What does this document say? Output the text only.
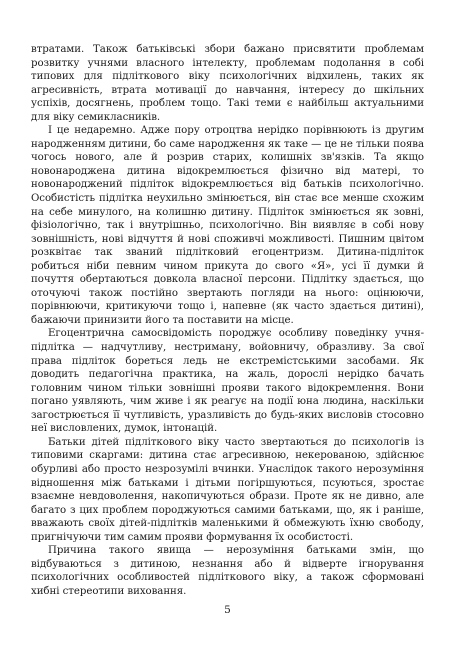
втратами. Також батьківські збори бажано присвятити проблемам розвитку учнями власного інтелекту, проблемам подолання в собі типових для підліткового віку психологічних відхилень, таких як агресивність, втрата мотивації до навчання, інтересу до шкільних успіхів, досягнень, проблем тощо. Такі теми є найбільш актуальними для віку семикласників.

І це недаремно. Адже пору отроцтва нерідко порівнюють із другим народженням дитини, бо саме народження як таке — це не тільки поява чогось нового, але й розрив старих, колишніх зв'язків. Та якщо новонароджена дитина відокремлюється фізично від матері, то новонароджений підліток відокремлюється від батьків психологічно. Особистість підлітка неухильно змінюється, він стає все менше схожим на себе минулого, на колишню дитину. Підліток змінюється як зовні, фізіологічно, так і внутрішньо, психологічно. Він виявляє в собі нову зовнішність, нові відчуття й нові споживчі можливості. Пишним цвітом розквітає так званий підлітковий егоцентризм. Дитина-підліток робиться ніби певним чином прикута до свого «Я», усі її думки й почуття обертаються довкола власної персони. Підлітку здається, що оточуючі також постійно звертають погляди на нього: оцінюючи, порівнюючи, критикуючи тощо і, напевне (як часто здається дитині), бажаючи принизити його та поставити на місце.

Егоцентрична самосвідомість породжує особливу поведінку учня-підлітка — надчутливу, нестриману, войовничу, образливу. За свої права підліток бореться ледь не екстремістськими засобами. Як доводить педагогічна практика, на жаль, дорослі нерідко бачать головним чином тільки зовнішні прояви такого відокремлення. Вони погано уявляють, чим живе і як реагує на події юна людина, наскільки загострюється її чутливість, уразливість до будь-яких висловів стосовно неї висловлених, думок, інтонацій.

Батьки дітей підліткового віку часто звертаються до психологів із типовими скаргами: дитина стає агресивною, некерованою, здійснює обурливі або просто незрозумілі вчинки. Унаслідок такого нерозуміння відношення між батьками і дітьми погіршуються, псуються, зростає взаємне невдоволення, накопичуються образи. Проте як не дивно, але багато з цих проблем породжуються самими батьками, що, як і раніше, вважають своїх дітей-підлітків маленькими й обмежують їхню свободу, пригнічуючи тим самим прояви формування їх особистості.

Причина такого явища — нерозуміння батьками змін, що відбуваються з дитиною, незнання або й відверте ігнорування психологічних особливостей підліткового віку, а також сформовані хибні стереотипи виховання.

5
